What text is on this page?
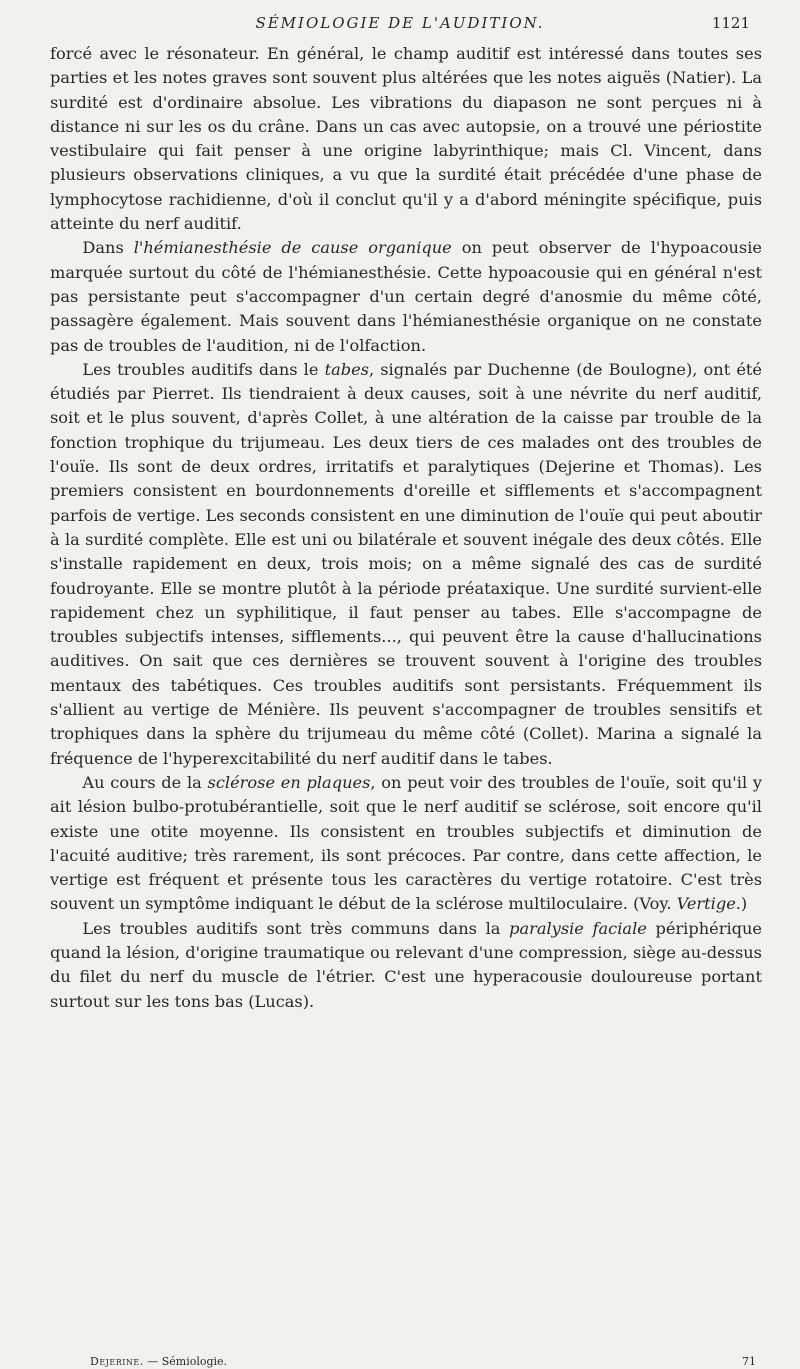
SÉMIOLOGIE DE L'AUDITION.	1121

forcé avec le résonateur. En général, le champ auditif est intéressé dans toutes ses parties et les notes graves sont souvent plus altérées que les notes aiguës (Natier). La surdité est d'ordinaire absolue. Les vibrations du diapason ne sont perçues ni à distance ni sur les os du crâne. Dans un cas avec autopsie, on a trouvé une périostite vestibulaire qui fait penser à une origine labyrinthique; mais Cl. Vincent, dans plusieurs observations cliniques, a vu que la surdité était précédée d'une phase de lymphocytose rachidienne, d'où il conclut qu'il y a d'abord méningite spécifique, puis atteinte du nerf auditif.

Dans l'hémianesthésie de cause organique on peut observer de l'hypoacousie marquée surtout du côté de l'hémianesthésie. Cette hypoacousie qui en général n'est pas persistante peut s'accompagner d'un certain degré d'anosmie du même côté, passagère également. Mais souvent dans l'hémianesthésie organique on ne constate pas de troubles de l'audition, ni de l'olfaction.

Les troubles auditifs dans le tabes, signalés par Duchenne (de Boulogne), ont été étudiés par Pierret. Ils tiendraient à deux causes, soit à une névrite du nerf auditif, soit et le plus souvent, d'après Collet, à une altération de la caisse par trouble de la fonction trophique du trijumeau. Les deux tiers de ces malades ont des troubles de l'ouïe. Ils sont de deux ordres, irritatifs et paralytiques (Dejerine et Thomas). Les premiers consistent en bourdonnements d'oreille et sifflements et s'accompagnent parfois de vertige. Les seconds consistent en une diminution de l'ouïe qui peut aboutir à la surdité complète. Elle est uni ou bilatérale et souvent inégale des deux côtés. Elle s'installe rapidement en deux, trois mois; on a même signalé des cas de surdité foudroyante. Elle se montre plutôt à la période préataxique. Une surdité survient-elle rapidement chez un syphilitique, il faut penser au tabes. Elle s'accompagne de troubles subjectifs intenses, sifflements..., qui peuvent être la cause d'hallucinations auditives. On sait que ces dernières se trouvent souvent à l'origine des troubles mentaux des tabétiques. Ces troubles auditifs sont persistants. Fréquemment ils s'allient au vertige de Ménière. Ils peuvent s'accompagner de troubles sensitifs et trophiques dans la sphère du trijumeau du même côté (Collet). Marina a signalé la fréquence de l'hyperexcitabilité du nerf auditif dans le tabes.

Au cours de la sclérose en plaques, on peut voir des troubles de l'ouïe, soit qu'il y ait lésion bulbo-protubérantielle, soit que le nerf auditif se sclérose, soit encore qu'il existe une otite moyenne. Ils consistent en troubles subjectifs et diminution de l'acuité auditive; très rarement, ils sont précoces. Par contre, dans cette affection, le vertige est fréquent et présente tous les caractères du vertige rotatoire. C'est très souvent un symptôme indiquant le début de la sclérose multiloculaire. (Voy. Vertige.)

Les troubles auditifs sont très communs dans la paralysie faciale périphérique quand la lésion, d'origine traumatique ou relevant d'une compression, siège au-dessus du filet du nerf du muscle de l'étrier. C'est une hyperacousie douloureuse portant surtout sur les tons bas (Lucas).

Dejerine. — Sémiologie.	71
